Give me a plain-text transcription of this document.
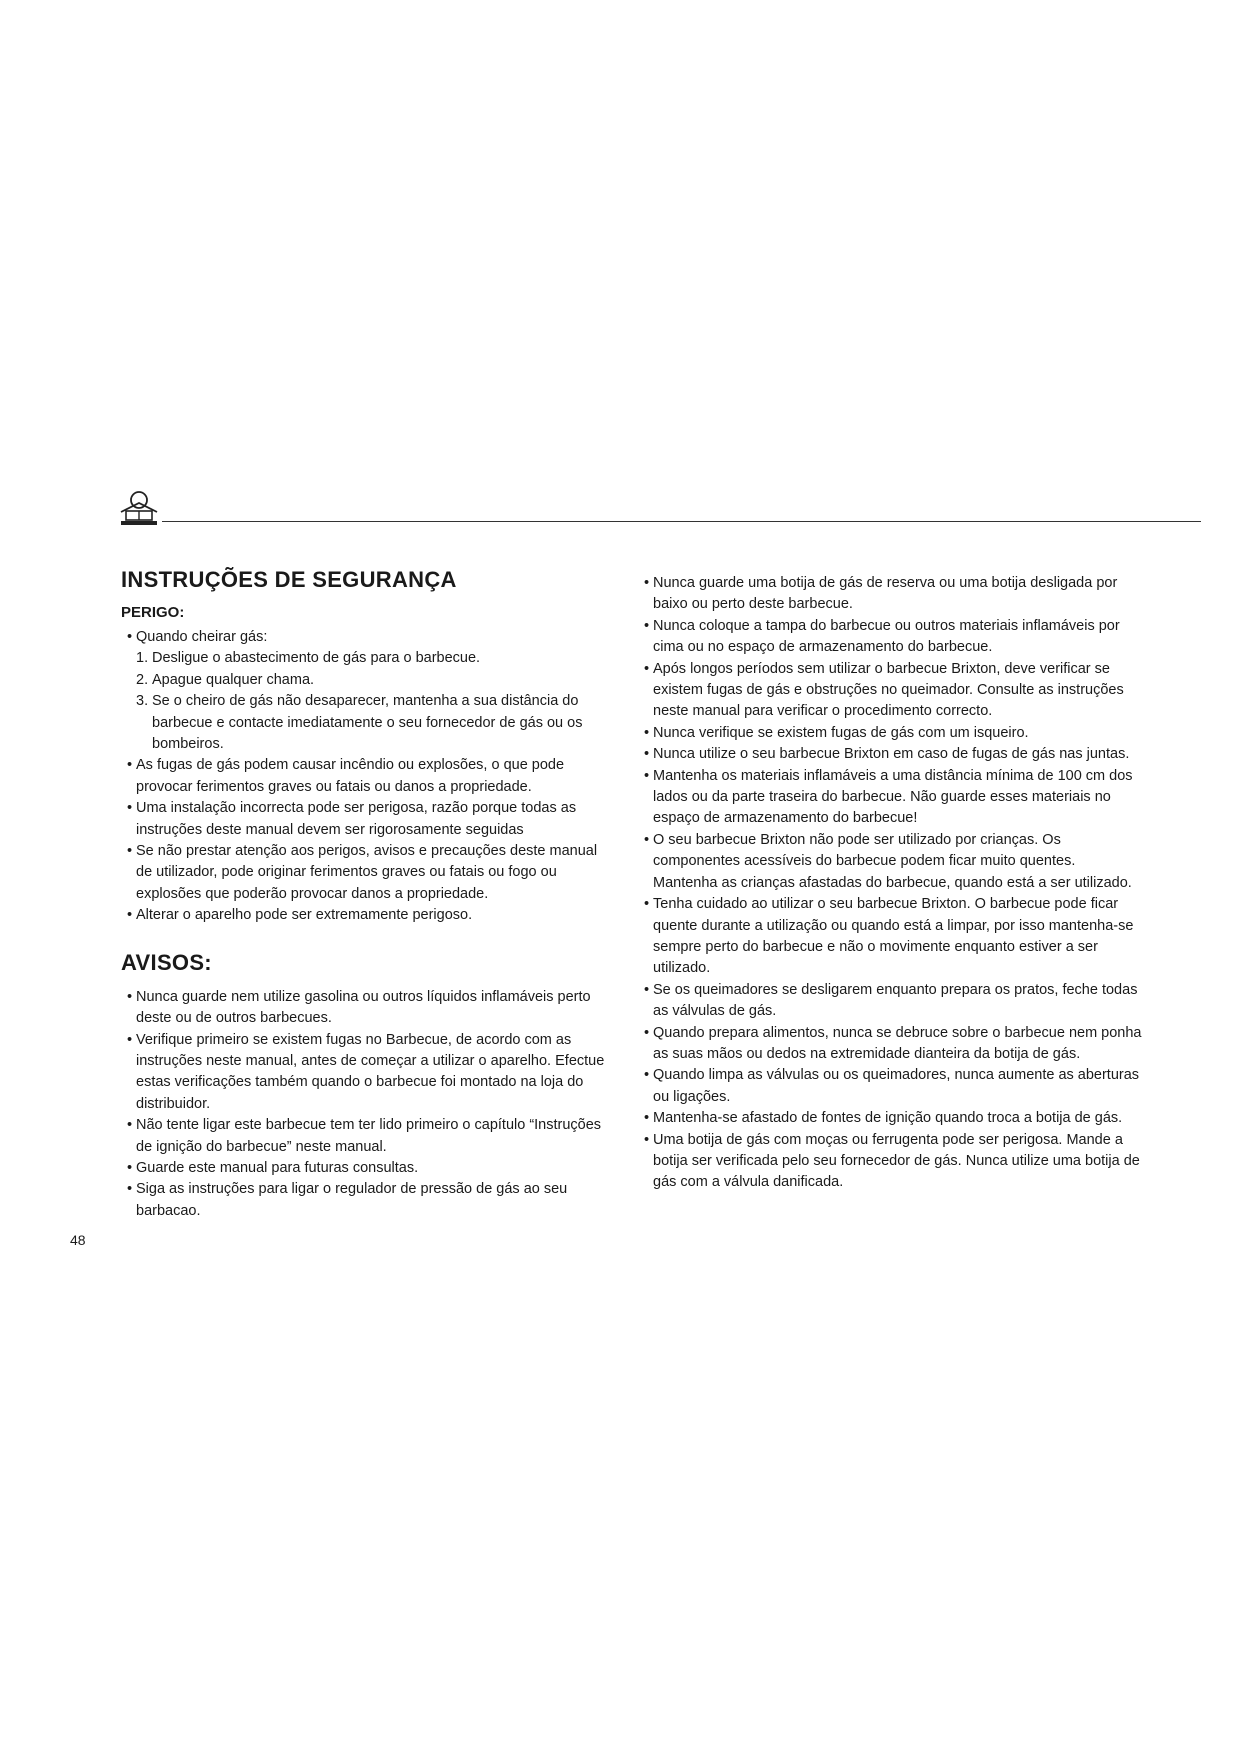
INSTRUÇÕES DE SEGURANÇA
PERIGO:
• Quando cheirar gás:
1. Desligue o abastecimento de gás para o barbecue.
2. Apague qualquer chama.
3. Se o cheiro de gás não desaparecer, mantenha a sua distância do barbecue e contacte imediatamente o seu fornecedor de gás ou os bombeiros.
• As fugas de gás podem causar incêndio ou explosões, o que pode provocar ferimentos graves ou fatais ou danos a propriedade.
• Uma instalação incorrecta pode ser perigosa, razão porque todas as instruções deste manual devem ser rigorosamente seguidas
• Se não prestar atenção aos perigos, avisos e precauções deste manual de utilizador, pode originar ferimentos graves ou fatais ou fogo ou explosões que poderão provocar danos a propriedade.
• Alterar o aparelho pode ser extremamente perigoso.
AVISOS:
• Nunca guarde nem utilize gasolina ou outros líquidos inflamáveis perto deste ou de outros barbecues.
• Verifique primeiro se existem fugas no Barbecue, de acordo com as instruções neste manual, antes de começar a utilizar o aparelho. Efectue estas verificações também quando o barbecue foi montado na loja do distribuidor.
• Não tente ligar este barbecue tem ter lido primeiro o capítulo “Instruções de ignição do barbecue” neste manual.
• Guarde este manual para futuras consultas.
• Siga as instruções para ligar o regulador de pressão de gás ao seu barbacao.
• Nunca guarde uma botija de gás de reserva ou uma botija desligada por baixo ou perto deste barbecue.
• Nunca coloque a tampa do barbecue ou outros materiais inflamáveis por cima ou no espaço de armazenamento do barbecue.
• Após longos períodos sem utilizar o barbecue Brixton, deve verificar se existem fugas de gás e obstruções no queimador. Consulte as instruções neste manual para verificar o procedimento correcto.
• Nunca verifique se existem fugas de gás com um isqueiro.
• Nunca utilize o seu barbecue Brixton em caso de fugas de gás nas juntas.
• Mantenha os materiais inflamáveis a uma distância mínima de 100 cm dos lados ou da parte traseira do barbecue. Não guarde esses materiais no espaço de armazenamento do barbecue!
• O seu barbecue Brixton não pode ser utilizado por crianças. Os componentes acessíveis do barbecue podem ficar muito quentes. Mantenha as crianças afastadas do barbecue, quando está a ser utilizado.
• Tenha cuidado ao utilizar o seu barbecue Brixton. O barbecue pode ficar quente durante a utilização ou quando está a limpar, por isso mantenha-se sempre perto do barbecue e não o movimente enquanto estiver a ser utilizado.
• Se os queimadores se desligarem enquanto prepara os pratos, feche todas as válvulas de gás.
• Quando prepara alimentos, nunca se debruce sobre o barbecue nem ponha as suas mãos ou dedos na extremidade dianteira da botija de gás.
• Quando limpa as válvulas ou os queimadores, nunca aumente as aberturas ou ligações.
• Mantenha-se afastado de fontes de ignição quando troca a botija de gás.
• Uma botija de gás com moças ou ferrugenta pode ser perigosa. Mande a botija ser verificada pelo seu fornecedor de gás. Nunca utilize uma botija de gás com a válvula danificada.
48
